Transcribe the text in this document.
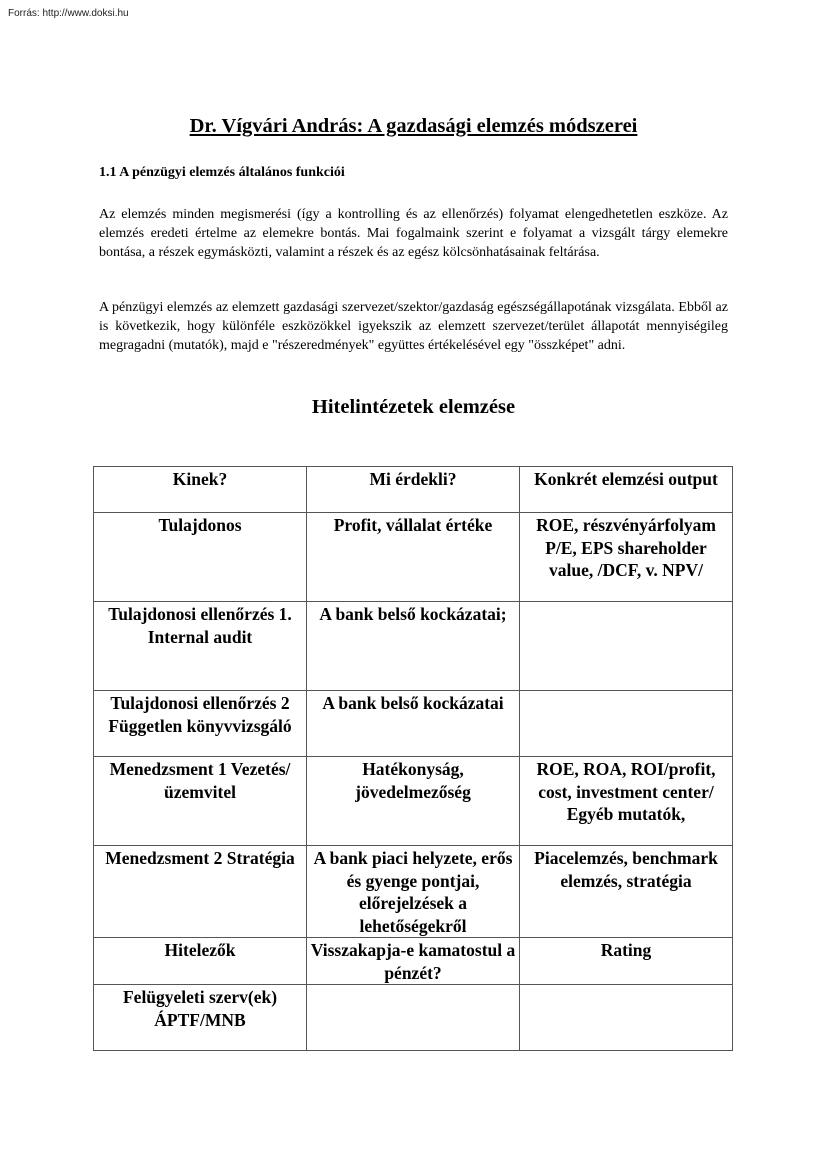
Forrás: http://www.doksi.hu
Dr. Vígvári András: A gazdasági elemzés módszerei
1.1 A pénzügyi elemzés általános funkciói

Az elemzés minden megismerési (így a kontrolling és az ellenőrzés) folyamat elengedhetetlen eszköze. Az elemzés eredeti értelme az elemekre bontás. Mai fogalmaink szerint e folyamat a vizsgált tárgy elemekre bontása, a részek egymásközti, valamint a részek és az egész kölcsönhatásainak feltárása.

A pénzügyi elemzés az elemzett gazdasági szervezet/szektor/gazdaság egészségállapotának vizsgálata. Ebből az is következik, hogy különféle eszközökkel igyekszik az elemzett szervezet/terület állapotát mennyiségileg megragadni (mutatók), majd e "részeredmények" együttes értékelésével egy "összképet" adni.

Hitelintézetek elemzése
Kinek?	Mi érdekli?	Konkrét elemzési output

Tulajdonos	Profit, vállalat értéke	ROE, részvényárfolyam P/E, EPS shareholder value, /DCF, v. NPV/
Tulajdonosi ellenőrzés 1. Internal audit	A bank belső kockázatai;	
Tulajdonosi ellenőrzés 2 Független könyvvizsgáló	A bank belső kockázatai	
Menedzsment 1 Vezetés/üzemvitel	Hatékonyság, jövedelmezőség	ROE, ROA, ROI/profit, cost, investment center/ Egyéb mutatók,
Menedzsment 2 Stratégia	A bank piaci helyzete, erős és gyenge pontjai, előrejelzések a lehetőségekről	Piacelemzés, benchmark elemzés, stratégia
Hitelezők	Visszakapja-e kamatostul a pénzét?	Rating
Felügyeleti szerv(ek) ÁPTF/MNB		
